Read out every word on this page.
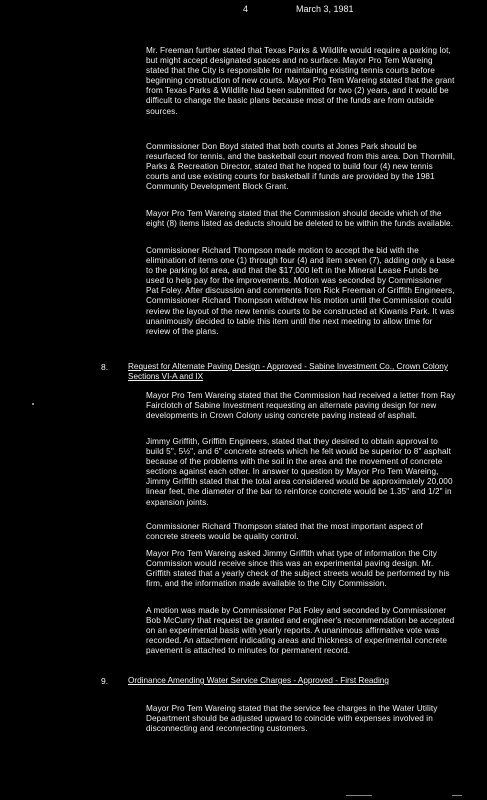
4	March 3, 1981
Mr. Freeman further stated that Texas Parks & Wildlife would require a parking lot, but might accept designated spaces and no surface. Mayor Pro Tem Wareing stated that the City is responsible for maintaining existing tennis courts before beginning construction of new courts. Mayor Pro Tem Wareing stated that the grant from Texas Parks & Wildlife had been submitted for two (2) years, and it would be difficult to change the basic plans because most of the funds are from outside sources.
Commissioner Don Boyd stated that both courts at Jones Park should be resurfaced for tennis, and the basketball court moved from this area. Don Thornhill, Parks & Recreation Director, stated that he hoped to build four (4) new tennis courts and use existing courts for basketball if funds are provided by the 1981 Community Development Block Grant.
Mayor Pro Tem Wareing stated that the Commission should decide which of the eight (8) items listed as deducts should be deleted to be within the funds available.
Commissioner Richard Thompson made motion to accept the bid with the elimination of items one (1) through four (4) and item seven (7), adding only a base to the parking lot area, and that the $17,000 left in the Mineral Lease Funds be used to help pay for the improvements. Motion was seconded by Commissioner Pat Foley. After discussion and comments from Rick Freeman of Griffith Engineers, Commissioner Richard Thompson withdrew his motion until the Commission could review the layout of the new tennis courts to be constructed at Kiwanis Park. It was unanimously decided to table this item until the next meeting to allow time for review of the plans.
8. Request for Alternate Paving Design - Approved - Sabine Investment Co., Crown Colony Sections VI-A and IX
Mayor Pro Tem Wareing stated that the Commission had received a letter from Ray Fairclotch of Sabine Investment requesting an alternate paving design for new developments in Crown Colony using concrete paving instead of asphalt.
Jimmy Griffith, Griffith Engineers, stated that they desired to obtain approval to build 5", 5½", and 6" concrete streets which he felt would be superior to 8" asphalt because of the problems with the soil in the area and the movement of concrete sections against each other. In answer to question by Mayor Pro Tem Wareing, Jimmy Griffith stated that the total area considered would be approximately 20,000 linear feet, the diameter of the bar to reinforce concrete would be 1.35" and 1/2" in expansion joints.
Commissioner Richard Thompson stated that the most important aspect of concrete streets would be quality control.
Mayor Pro Tem Wareing asked Jimmy Griffith what type of information the City Commission would receive since this was an experimental paving design. Mr. Griffith stated that a yearly check of the subject streets would be performed by his firm, and the information made available to the City Commission.
A motion was made by Commissioner Pat Foley and seconded by Commissioner Bob McCurry that request be granted and engineer's recommendation be accepted on an experimental basis with yearly reports. A unanimous affirmative vote was recorded. An attachment indicating areas and thickness of experimental concrete pavement is attached to minutes for permanent record.
9. Ordinance Amending Water Service Charges - Approved - First Reading
Mayor Pro Tem Wareing stated that the service fee charges in the Water Utility Department should be adjusted upward to coincide with expenses involved in disconnecting and reconnecting customers.
